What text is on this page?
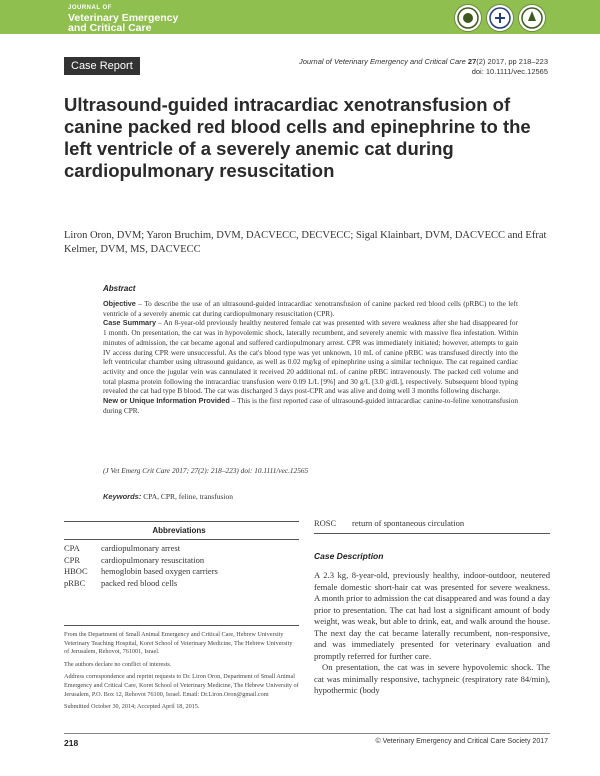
JOURNAL OF
Veterinary Emergency
and Critical Care
Case Report	Journal of Veterinary Emergency and Critical Care 27(2) 2017, pp 218–223
doi: 10.1111/vec.12565
Ultrasound-guided intracardiac xenotransfusion of canine packed red blood cells and epinephrine to the left ventricle of a severely anemic cat during cardiopulmonary resuscitation
Liron Oron, DVM; Yaron Bruchim, DVM, DACVECC, DECVECC; Sigal Klainbart, DVM, DACVECC and Efrat Kelmer, DVM, MS, DACVECC
Abstract

Objective – To describe the use of an ultrasound-guided intracardiac xenotransfusion of canine packed red blood cells (pRBC) to the left ventricle of a severely anemic cat during cardiopulmonary resuscitation (CPR).

Case Summary – An 8-year-old previously healthy neutered female cat was presented with severe weakness after she had disappeared for 1 month. On presentation, the cat was in hypovolemic shock, laterally recumbent, and severely anemic with massive flea infestation. Within minutes of admission, the cat became agonal and suffered cardiopulmonary arrest. CPR was immediately initiated; however, attempts to gain IV access during CPR were unsuccessful. As the cat's blood type was yet unknown, 10 mL of canine pRBC was transfused directly into the left ventricular chamber using ultrasound guidance, as well as 0.02 mg/kg of epinephrine using a similar technique. The cat regained cardiac activity and once the jugular vein was cannulated it received 20 additional mL of canine pRBC intravenously. The packed cell volume and total plasma protein following the intracardiac transfusion were 0.09 L/L [9%] and 30 g/L [3.0 g/dL], respectively. Subsequent blood typing revealed the cat had type B blood. The cat was discharged 3 days post-CPR and was alive and doing well 3 months following discharge.

New or Unique Information Provided – This is the first reported case of ultrasound-guided intracardiac canine-to-feline xenotransfusion during CPR.

(J Vet Emerg Crit Care 2017; 27(2): 218–223) doi: 10.1111/vec.12565
Keywords: CPA, CPR, feline, transfusion
Abbreviations
CPA	cardiopulmonary arrest
CPR	cardiopulmonary resuscitation
HBOC	hemoglobin based oxygen carriers
pRBC	packed red blood cells

From the Department of Small Animal Emergency and Critical Care, Hebrew University Veterinary Teaching Hospital, Koret School of Veterinary Medicine, The Hebrew University of Jerusalem, Rehovot, 761001, Israel.

The authors declare no conflict of interests.

Address correspondence and reprint requests to Dr. Liron Oron, Department of Small Animal Emergency and Critical Care, Koret School of Veterinary Medicine, The Hebrew University of Jerusalem, P.O. Box 12, Rehovot 76100, Israel. Email: Dr.Liron.Oron@gmail.com

Submitted October 30, 2014; Accepted April 18, 2015.

ROSC	return of spontaneous circulation
Case Description

A 2.3 kg, 8-year-old, previously healthy, indoor-outdoor, neutered female domestic short-hair cat was presented for severe weakness. A month prior to admission the cat disappeared and was found a day prior to presentation. The cat had lost a significant amount of body weight, was weak, but able to drink, eat, and walk around the house. The next day the cat became laterally recumbent, non-responsive, and was immediately presented for veterinary evaluation and promptly referred for further care.

On presentation, the cat was in severe hypovolemic shock. The cat was minimally responsive, tachypneic (respiratory rate 84/min), hypothermic (body

218	© Veterinary Emergency and Critical Care Society 2017
